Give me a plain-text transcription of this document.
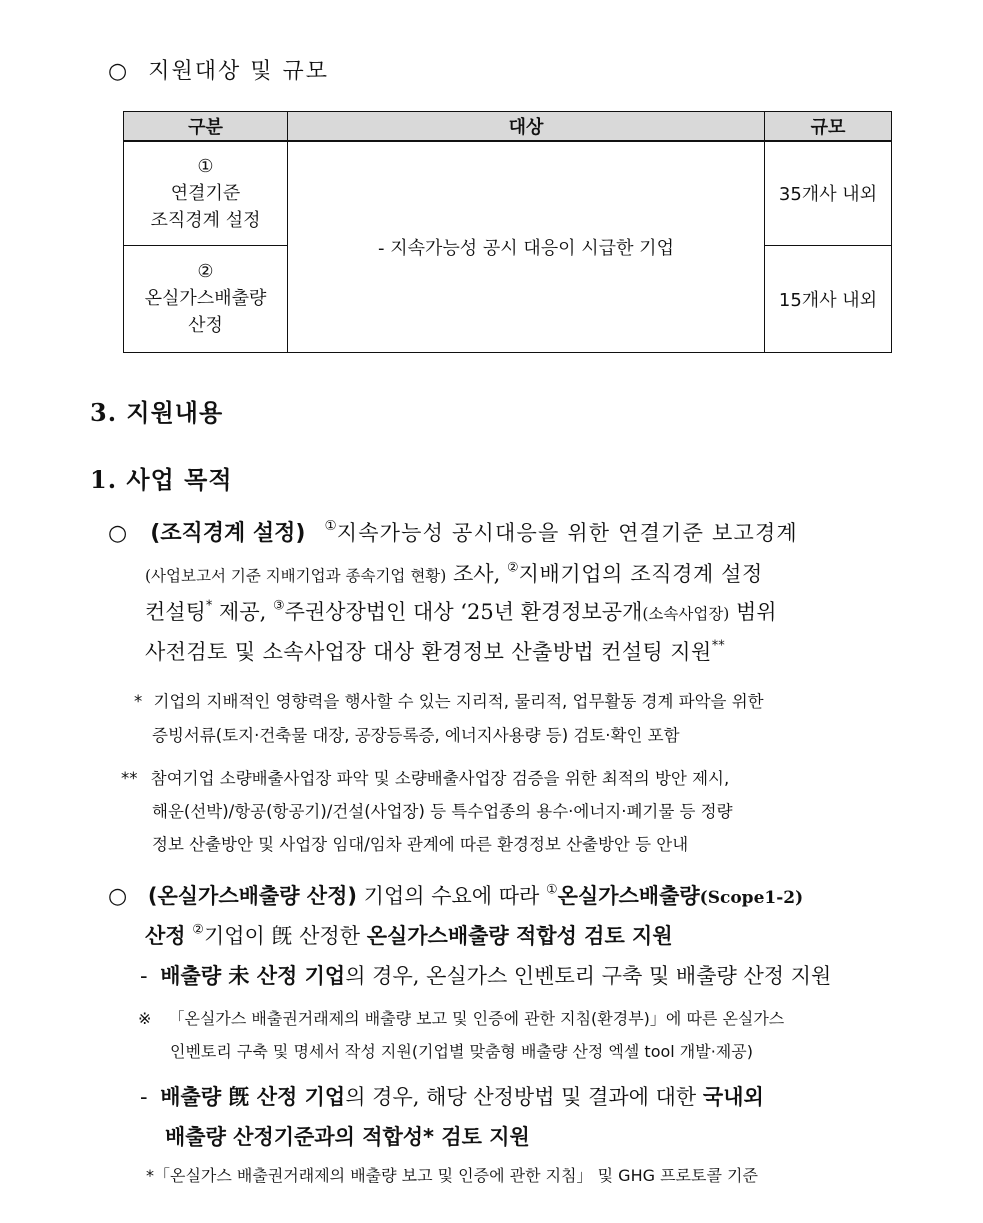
○ 지원대상 및 규모
구분	대상	규모

①
연결기준
조직경계 설정	- 지속가능성 공시 대응이 시급한 기업	35개사 내외

②
온실가스배출량
산정		15개사 내외
3. 지원내용
1. 사업 목적
○ (조직경계 설정) ①지속가능성 공시대응을 위한 연결기준 보고경계
(사업보고서 기준 지배기업과 종속기업 현황) 조사, ②지배기업의 조직경계 설정
컨설팅* 제공, ③주권상장법인 대상 ‘25년 환경정보공개(소속사업장) 범위
사전검토 및 소속사업장 대상 환경정보 산출방법 컨설팅 지원**
* 기업의 지배적인 영향력을 행사할 수 있는 지리적, 물리적, 업무활동 경계 파악을 위한
증빙서류(토지·건축물 대장, 공장등록증, 에너지사용량 등) 검토·확인 포함
** 참여기업 소량배출사업장 파악 및 소량배출사업장 검증을 위한 최적의 방안 제시,
해운(선박)/항공(항공기)/건설(사업장) 등 특수업종의 용수·에너지·폐기물 등 정량
정보 산출방안 및 사업장 임대/임차 관계에 따른 환경정보 산출방안 등 안내
○ (온실가스배출량 산정) 기업의 수요에 따라 ①온실가스배출량(Scope1-2)
산정 ②기업이 旣 산정한 온실가스배출량 적합성 검토 지원
- 배출량 未 산정 기업의 경우, 온실가스 인벤토리 구축 및 배출량 산정 지원
※ 「온실가스 배출권거래제의 배출량 보고 및 인증에 관한 지침(환경부)」에 따른 온실가스
인벤토리 구축 및 명세서 작성 지원(기업별 맞춤형 배출량 산정 엑셀 tool 개발·제공)
- 배출량 旣 산정 기업의 경우, 해당 산정방법 및 결과에 대한 국내외
배출량 산정기준과의 적합성* 검토 지원
*「온실가스 배출권거래제의 배출량 보고 및 인증에 관한 지침」 및 GHG 프로토콜 기준
